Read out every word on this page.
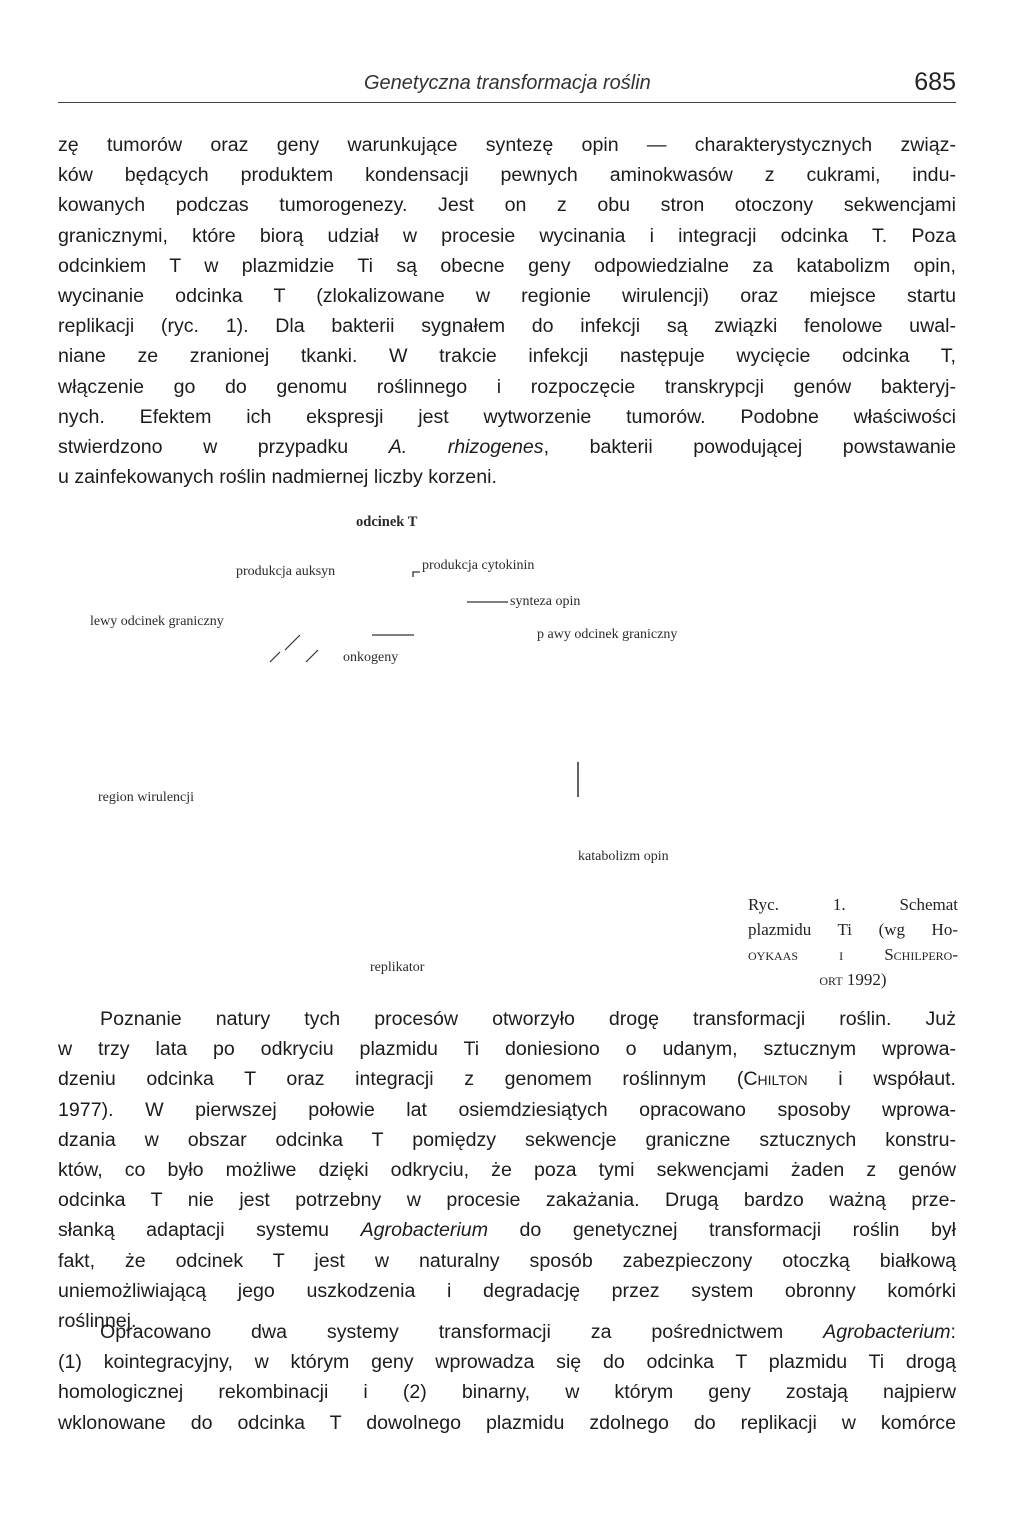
Genetyczna transformacja roślin	685
zę tumorów oraz geny warunkujące syntezę opin — charakterystycznych związ-
ków będących produktem kondensacji pewnych aminokwasów z cukrami, indu-
kowanych podczas tumorogenezy. Jest on z obu stron otoczony sekwencjami
granicznymi, które biorą udział w procesie wycinania i integracji odcinka T. Poza
odcinkiem T w plazmidzie Ti są obecne geny odpowiedzialne za katabolizm opin,
wycinanie odcinka T (zlokalizowane w regionie wirulencji) oraz miejsce startu
replikacji (ryc. 1). Dla bakterii sygnałem do infekcji są związki fenolowe uwal-
niane ze zranionej tkanki. W trakcie infekcji następuje wycięcie odcinka T,
włączenie go do genomu roślinnego i rozpoczęcie transkrypcji genów bakteryj-
nych. Efektem ich ekspresji jest wytworzenie tumorów. Podobne właściwości
stwierdzono w przypadku A. rhizogenes, bakterii powodującej powstawanie
u zainfekowanych roślin nadmiernej liczby korzeni.
odcinek T
produkcja auksyn	produkcja cytokinin
synteza opin
lewy odcinek graniczny
p awy odcinek graniczny
onkogeny
region wirulencji
katabolizm opin
replikator
Ryc. 1. Schemat
plazmidu Ti (wg Ho-
oykaas i Schilpero-
ort 1992)
Poznanie natury tych procesów otworzyło drogę transformacji roślin. Już
w trzy lata po odkryciu plazmidu Ti doniesiono o udanym, sztucznym wprowa-
dzeniu odcinka T oraz integracji z genomem roślinnym (Chilton i współaut.
1977). W pierwszej połowie lat osiemdziesiątych opracowano sposoby wprowa-
dzania w obszar odcinka T pomiędzy sekwencje graniczne sztucznych konstru-
któw, co było możliwe dzięki odkryciu, że poza tymi sekwencjami żaden z genów
odcinka T nie jest potrzebny w procesie zakażania. Drugą bardzo ważną prze-
słanką adaptacji systemu Agrobacterium do genetycznej transformacji roślin był
fakt, że odcinek T jest w naturalny sposób zabezpieczony otoczką białkową
uniemożliwiającą jego uszkodzenia i degradację przez system obronny komórki
roślinnej.
Opracowano dwa systemy transformacji za pośrednictwem Agrobacterium:
(1) kointegracyjny, w którym geny wprowadza się do odcinka T plazmidu Ti drogą
homologicznej rekombinacji i (2) binarny, w którym geny zostają najpierw
wklonowane do odcinka T dowolnego plazmidu zdolnego do replikacji w komórce
